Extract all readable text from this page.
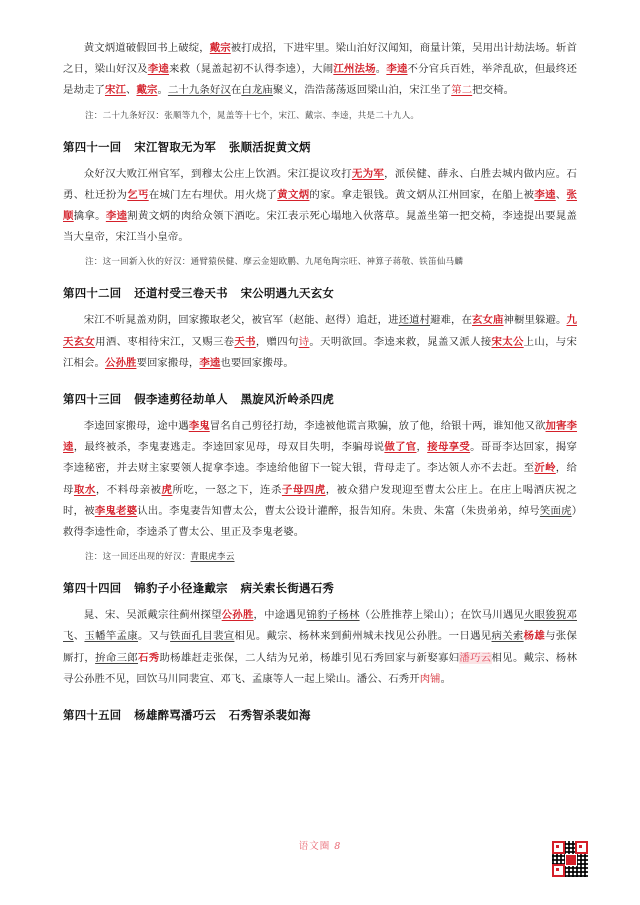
黄文炳道破假回书上破绽，戴宗被打成招，下进牢里。梁山泊好汉闻知，商量计策，吴用出计劫法场。斩首之日，梁山好汉及李逵来救（晁盖起初不认得李逵），大闹江州法场。李逵不分官兵百姓，举斧乱砍，但最终还是劫走了宋江、戴宗。二十九条好汉在白龙庙聚义，浩浩荡荡返回梁山泊，宋江坐了第二把交椅。

注：二十九条好汉：张顺等九个，晁盖等十七个，宋江、戴宗、李逵，共是二十九人。

第四十一回 宋江智取无为军 张顺活捉黄文炳

众好汉大败江州官军，到穆太公庄上饮酒。宋江提议攻打无为军，派侯健、薛永、白胜去城内做内应。石勇、杜迁扮为乞丐在城门左右埋伏。用火烧了黄文炳的家。拿走银钱。黄文炳从江州回家，在船上被李逵、张顺擒拿。李逵割黄文炳的肉给众领下酒吃。宋江表示死心塌地入伙落草。晁盖坐第一把交椅，李逵提出要晁盖当大皇帝，宋江当小皇帝。

注：这一回新入伙的好汉：通臂猿侯健、摩云金翅欧鹏、九尾龟陶宗旺、神算子蒋敬、铁笛仙马麟

第四十二回 还道村受三卷天书 宋公明遇九天玄女

宋江不听晁盖劝阴，回家搬取老父，被官军（赵能、赵得）追赶，进还道村避难，在玄女庙神橱里躲避。九天玄女用酒、枣相待宋江，又赐三卷天书，赠四句诗。天明欲回。李逵来救，晁盖又派人接宋太公上山，与宋江相会。公孙胜要回家搬母，李逵也要回家搬母。

第四十三回 假李逵剪径劫单人 黑旋风沂岭杀四虎

李逵回家搬母，途中遇李鬼冒名自己剪径打劫，李逵被他谎言欺骗，放了他，给银十两，谁知他又欲加害李逵，最终被杀，李鬼妻逃走。李逵回家见母，母双目失明，李骗母说做了官，接母享受。哥哥李达回家，揭穿李逵秘密，并去财主家要领人捉拿李逵。李逵给他留下一锭大银，背母走了。李达领人亦不去赶。至沂岭，给母取水，不料母亲被虎所吃，一怒之下，连杀子母四虎，被众猎户发现迎至曹太公庄上。在庄上喝酒庆祝之时，被李鬼老婆认出。李鬼妻告知曹太公，曹太公设计灌醉，报告知府。朱贵、朱富（朱贵弟弟，绰号笑面虎）救得李逵性命，李逵杀了曹太公、里正及李鬼老婆。

注：这一回还出现的好汉：青眼虎李云

第四十四回 锦豹子小径逢戴宗 病关索长街遇石秀

晁、宋、吴派戴宗往蓟州探望公孙胜，中途遇见锦豹子杨林（公胜推荐上梁山）；在饮马川遇见火眼狻猊邓飞、玉幡竿孟康。又与铁面孔目裴宣相见。戴宗、杨林来到蓟州城未找见公孙胜。一日遇见病关索杨雄与张保厮打，拚命三郎石秀助杨雄赶走张保，二人结为兄弟，杨雄引见石秀回家与新娶寡妇潘巧云相见。戴宗、杨林寻公孙胜不见，回饮马川同裴宣、邓飞、孟康等人一起上梁山。潘公、石秀开肉铺。

第四十五回 杨雄醉骂潘巧云 石秀智杀裴如海

语文圈 8
